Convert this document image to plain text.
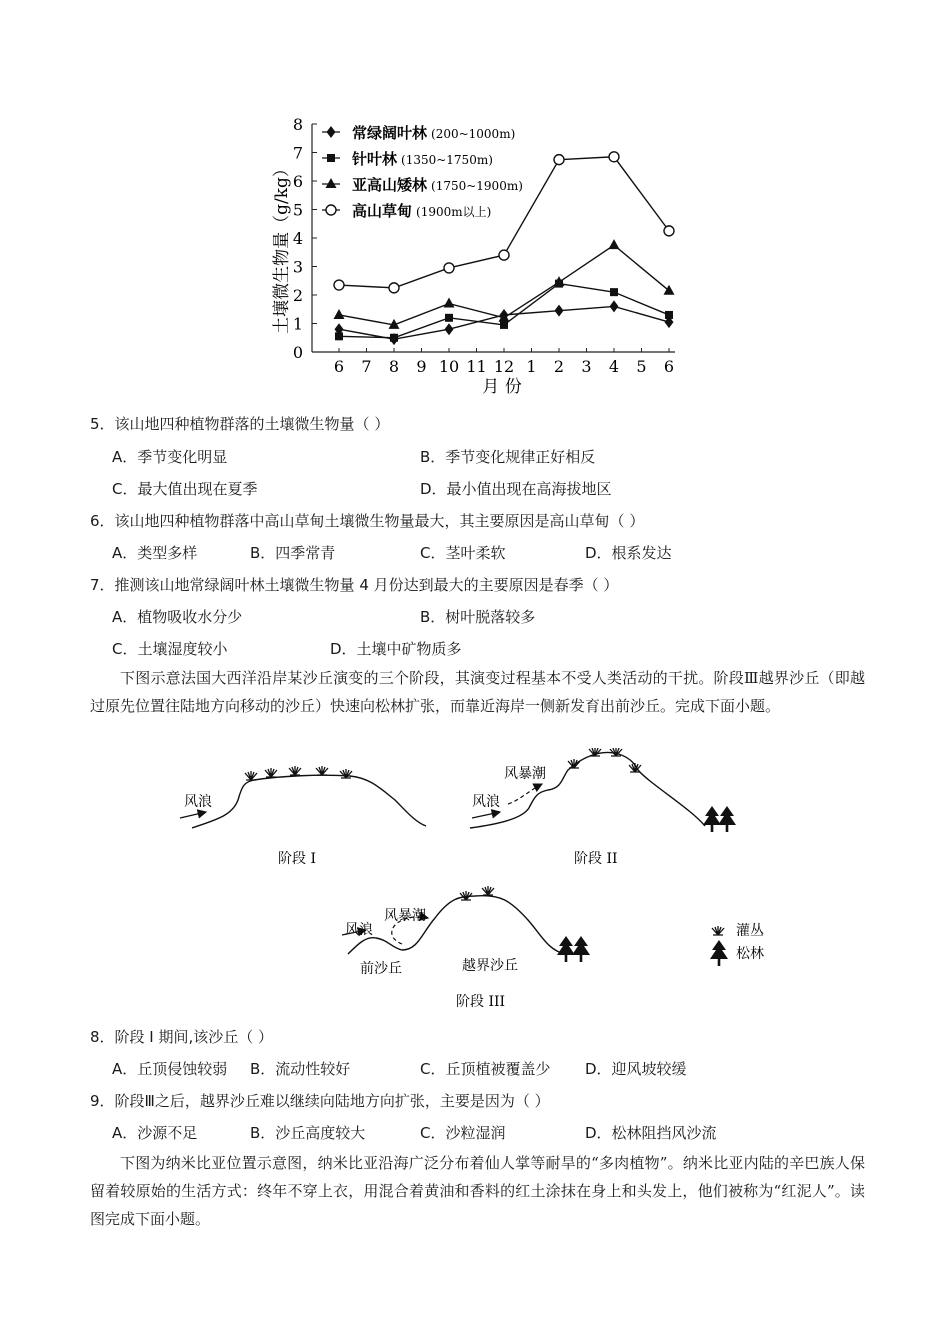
土壤微生物量（g/kg）
0
1
2
3
4
5
6
7
8
6 7 8 9 10 11 12 1 2 3 4 5 6
常绿阔叶林 (200~1000m)
针叶林 (1350~1750m)
亚高山矮林 (1750~1900m)
高山草甸 (1900m以上)
月 份
5．该山地四种植物群落的土壤微生物量（ ）
A．季节变化明显	B．季节变化规律正好相反
C．最大值出现在夏季	D．最小值出现在高海拔地区
6．该山地四种植物群落中高山草甸土壤微生物量最大，其主要原因是高山草甸（ ）
A．类型多样	B．四季常青	C．茎叶柔软	D．根系发达
7．推测该山地常绿阔叶林土壤微生物量 4 月份达到最大的主要原因是春季（ ）
A．植物吸收水分少	B．树叶脱落较多
C．土壤湿度较小	D．土壤中矿物质多
下图示意法国大西洋沿岸某沙丘演变的三个阶段，其演变过程基本不受人类活动的干扰。阶段Ⅲ越界沙丘（即越过原先位置往陆地方向移动的沙丘）快速向松林扩张，而靠近海岸一侧新发育出前沙丘。完成下面小题。
风浪
阶段 I
风浪
风暴潮
阶段 II
风浪
风暴潮
前沙丘	越界沙丘
阶段 III
灌丛
松林
8．阶段 I 期间,该沙丘（ ）
A．丘顶侵蚀较弱 B．流动性较好	C．丘顶植被覆盖少 D．迎风坡较缓
9．阶段Ⅲ之后，越界沙丘难以继续向陆地方向扩张，主要是因为（ ）
A．沙源不足	B．沙丘高度较大	C．沙粒湿润	D．松林阻挡风沙流
下图为纳米比亚位置示意图，纳米比亚沿海广泛分布着仙人掌等耐旱的“多肉植物”。纳米比亚内陆的辛巴族人保留着较原始的生活方式：终年不穿上衣，用混合着黄油和香料的红土涂抹在身上和头发上，他们被称为“红泥人”。读图完成下面小题。
